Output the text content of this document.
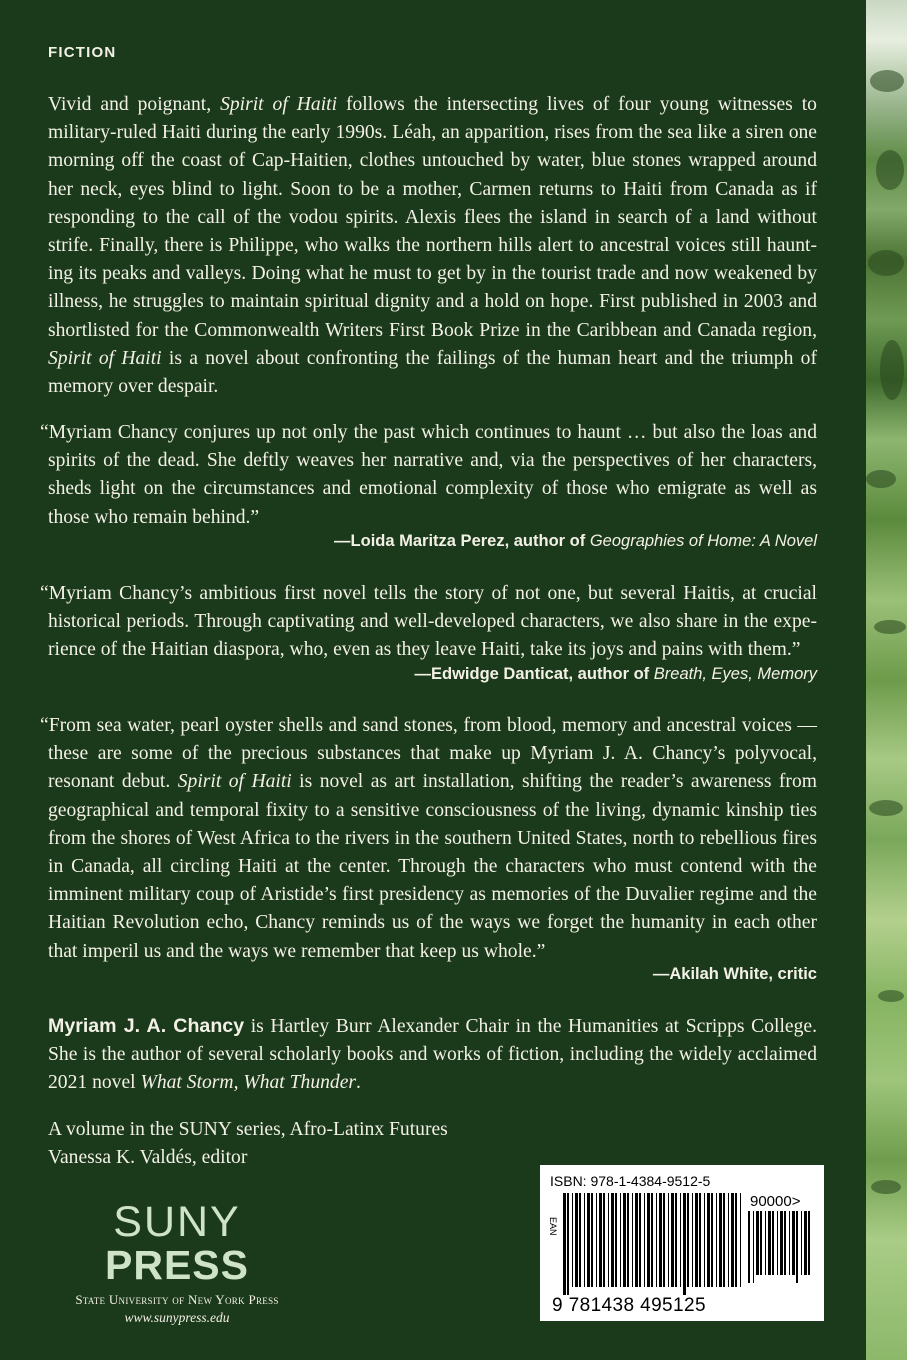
FICTION

Vivid and poignant, Spirit of Haiti follows the intersecting lives of four young witnesses to military-ruled Haiti during the early 1990s. Léah, an apparition, rises from the sea like a siren one morning off the coast of Cap-Haitien, clothes untouched by water, blue stones wrapped around her neck, eyes blind to light. Soon to be a mother, Carmen returns to Haiti from Canada as if responding to the call of the vodou spirits. Alexis flees the island in search of a land without strife. Finally, there is Philippe, who walks the northern hills alert to ancestral voices still haunting its peaks and valleys. Doing what he must to get by in the tourist trade and now weakened by illness, he struggles to maintain spiritual dignity and a hold on hope. First published in 2003 and shortlisted for the Commonwealth Writers First Book Prize in the Caribbean and Canada region, Spirit of Haiti is a novel about confronting the failings of the human heart and the triumph of memory over despair.

“Myriam Chancy conjures up not only the past which continues to haunt … but also the loas and spirits of the dead. She deftly weaves her narrative and, via the perspectives of her characters, sheds light on the circumstances and emotional complexity of those who emigrate as well as those who remain behind.”

—Loida Maritza Perez, author of Geographies of Home: A Novel

“Myriam Chancy’s ambitious first novel tells the story of not one, but several Haitis, at crucial historical periods. Through captivating and well-developed characters, we also share in the experience of the Haitian diaspora, who, even as they leave Haiti, take its joys and pains with them.”

—Edwidge Danticat, author of Breath, Eyes, Memory

“From sea water, pearl oyster shells and sand stones, from blood, memory and ancestral voices —these are some of the precious substances that make up Myriam J. A. Chancy’s polyvocal, resonant debut. Spirit of Haiti is novel as art installation, shifting the reader’s awareness from geographical and temporal fixity to a sensitive consciousness of the living, dynamic kinship ties from the shores of West Africa to the rivers in the southern United States, north to rebellious fires in Canada, all circling Haiti at the center. Through the characters who must contend with the imminent military coup of Aristide’s first presidency as memories of the Duvalier regime and the Haitian Revolution echo, Chancy reminds us of the ways we forget the humanity in each other that imperil us and the ways we remember that keep us whole.”

—Akilah White, critic

Myriam J. A. Chancy is Hartley Burr Alexander Chair in the Humanities at Scripps College. She is the author of several scholarly books and works of fiction, including the widely acclaimed 2021 novel What Storm, What Thunder.

A volume in the SUNY series, Afro-Latinx Futures
Vanessa K. Valdés, editor
SUNY
PRESS
State University of New York Press
www.sunypress.edu
ISBN: 978-1-4384-9512-5
EAN
90000>
9 781438 495125
